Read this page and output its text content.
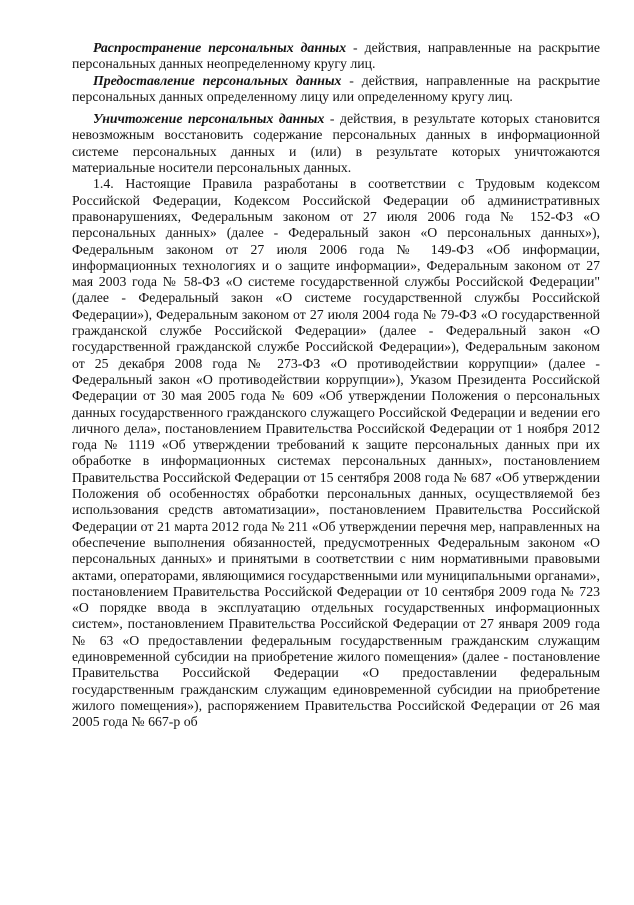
Распространение персональных данных - действия, направленные на раскрытие персональных данных неопределенному кругу лиц.

Предоставление персональных данных - действия, направленные на раскрытие персональных данных определенному лицу или определенному кругу лиц.

Уничтожение персональных данных - действия, в результате которых становится невозможным восстановить содержание персональных данных в информационной системе персональных данных и (или) в результате которых уничтожаются материальные носители персональных данных.

1.4. Настоящие Правила разработаны в соответствии с Трудовым кодексом Российской Федерации, Кодексом Российской Федерации об административных правонарушениях, Федеральным законом от 27 июля 2006 года № 152-ФЗ «О персональных данных» (далее - Федеральный закон «О персональных данных»), Федеральным законом от 27 июля 2006 года № 149-ФЗ «Об информации, информационных технологиях и о защите информации», Федеральным законом от 27 мая 2003 года № 58-ФЗ «О системе государственной службы Российской Федерации" (далее - Федеральный закон «О системе государственной службы Российской Федерации»), Федеральным законом от 27 июля 2004 года № 79-ФЗ «О государственной гражданской службе Российской Федерации» (далее - Федеральный закон «О государственной гражданской службе Российской Федерации»), Федеральным законом от 25 декабря 2008 года № 273-ФЗ «О противодействии коррупции» (далее - Федеральный закон «О противодействии коррупции»), Указом Президента Российской Федерации от 30 мая 2005 года № 609 «Об утверждении Положения о персональных данных государственного гражданского служащего Российской Федерации и ведении его личного дела», постановлением Правительства Российской Федерации от 1 ноября 2012 года № 1119 «Об утверждении требований к защите персональных данных при их обработке в информационных системах персональных данных», постановлением Правительства Российской Федерации от 15 сентября 2008 года № 687 «Об утверждении Положения об особенностях обработки персональных данных, осуществляемой без использования средств автоматизации», постановлением Правительства Российской Федерации от 21 марта 2012 года № 211 «Об утверждении перечня мер, направленных на обеспечение выполнения обязанностей, предусмотренных Федеральным законом «О персональных данных» и принятыми в соответствии с ним нормативными правовыми актами, операторами, являющимися государственными или муниципальными органами», постановлением Правительства Российской Федерации от 10 сентября 2009 года № 723 «О порядке ввода в эксплуатацию отдельных государственных информационных систем», постановлением Правительства Российской Федерации от 27 января 2009 года № 63 «О предоставлении федеральным государственным гражданским служащим единовременной субсидии на приобретение жилого помещения» (далее - постановление Правительства Российской Федерации «О предоставлении федеральным государственным гражданским служащим единовременной субсидии на приобретение жилого помещения»), распоряжением Правительства Российской Федерации от 26 мая 2005 года № 667-р об
